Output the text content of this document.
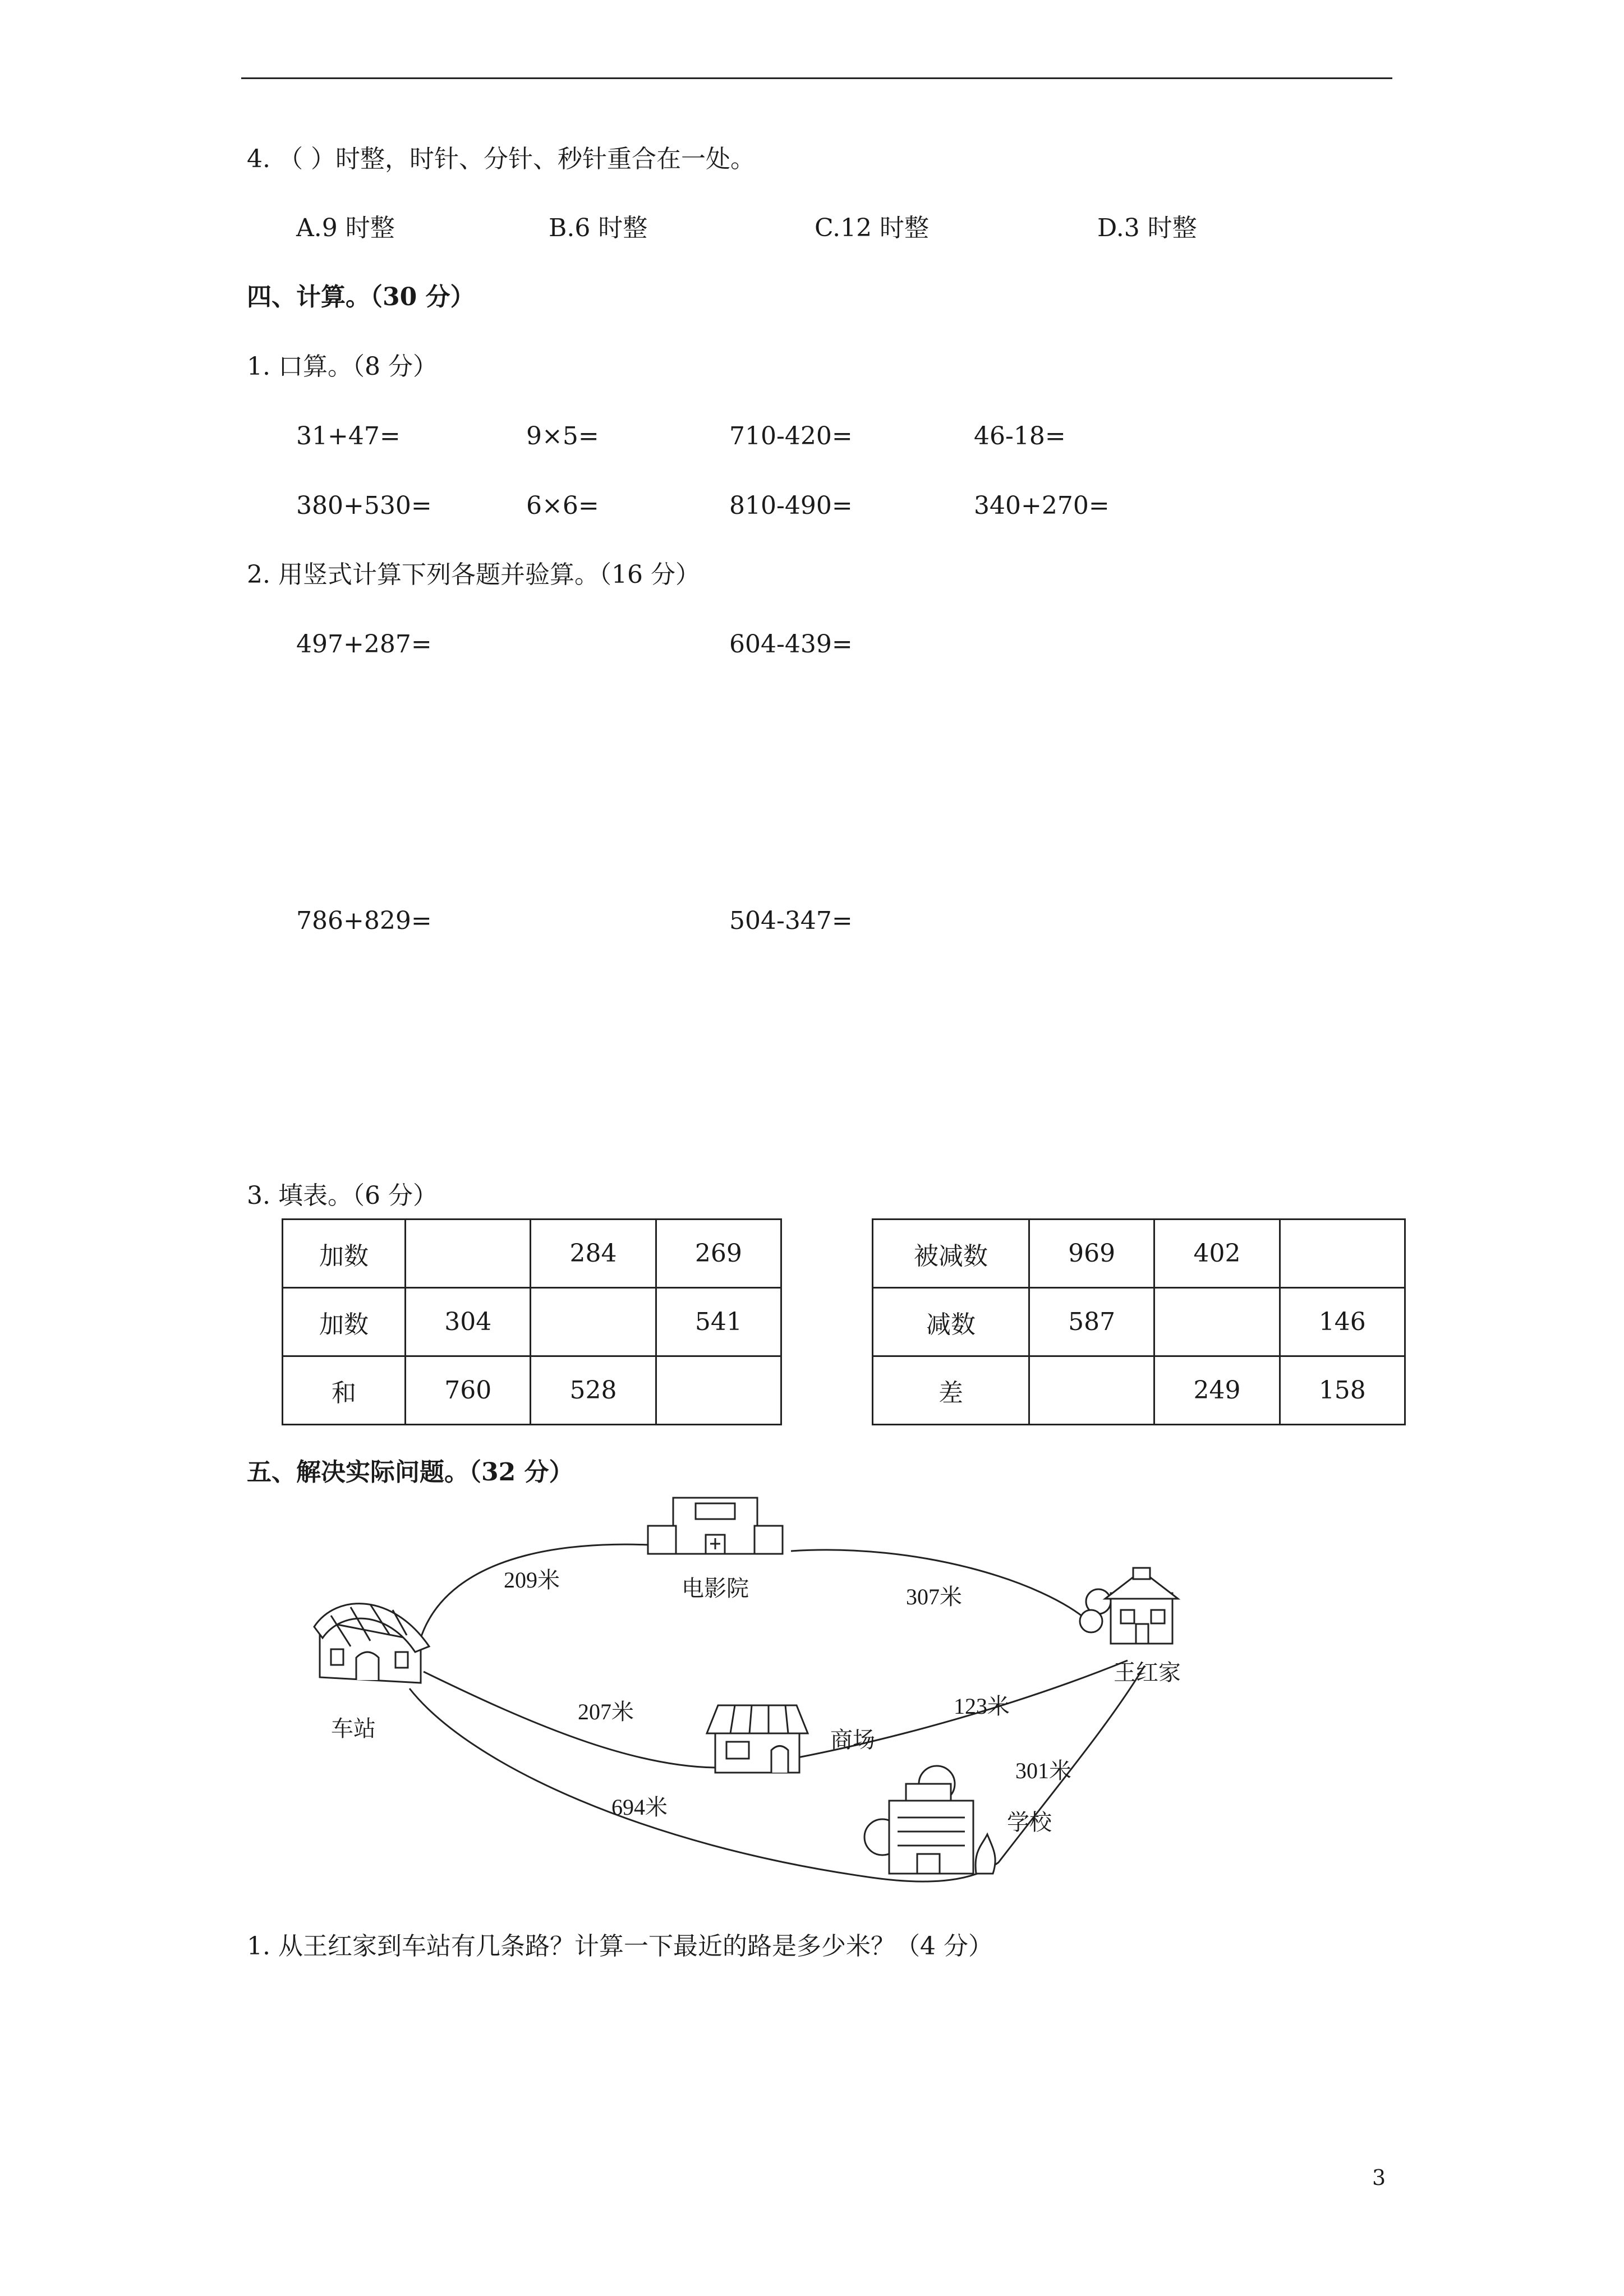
4. （ ）时整，时针、分针、秒针重合在一处。
A.9 时整	B.6 时整	C.12 时整	D.3 时整
四、计算。（30 分）
1. 口算。（8 分）
31+47=	9×5=	710-420=	46-18=
380+530=	6×6=	810-490=	340+270=
2. 用竖式计算下列各题并验算。（16 分）
497+287=	604-439=
786+829=	504-347=
3. 填表。（6 分）
加数		284	269
加数	304		541
和	760	528	
被减数	969	402	
减数	587		146
差		249	158
五、解决实际问题。（32 分）
车站
电影院
王红家
商场
学校
209米
307米
207米	123米
301米
694米
1. 从王红家到车站有几条路？计算一下最近的路是多少米？（4 分）
3
